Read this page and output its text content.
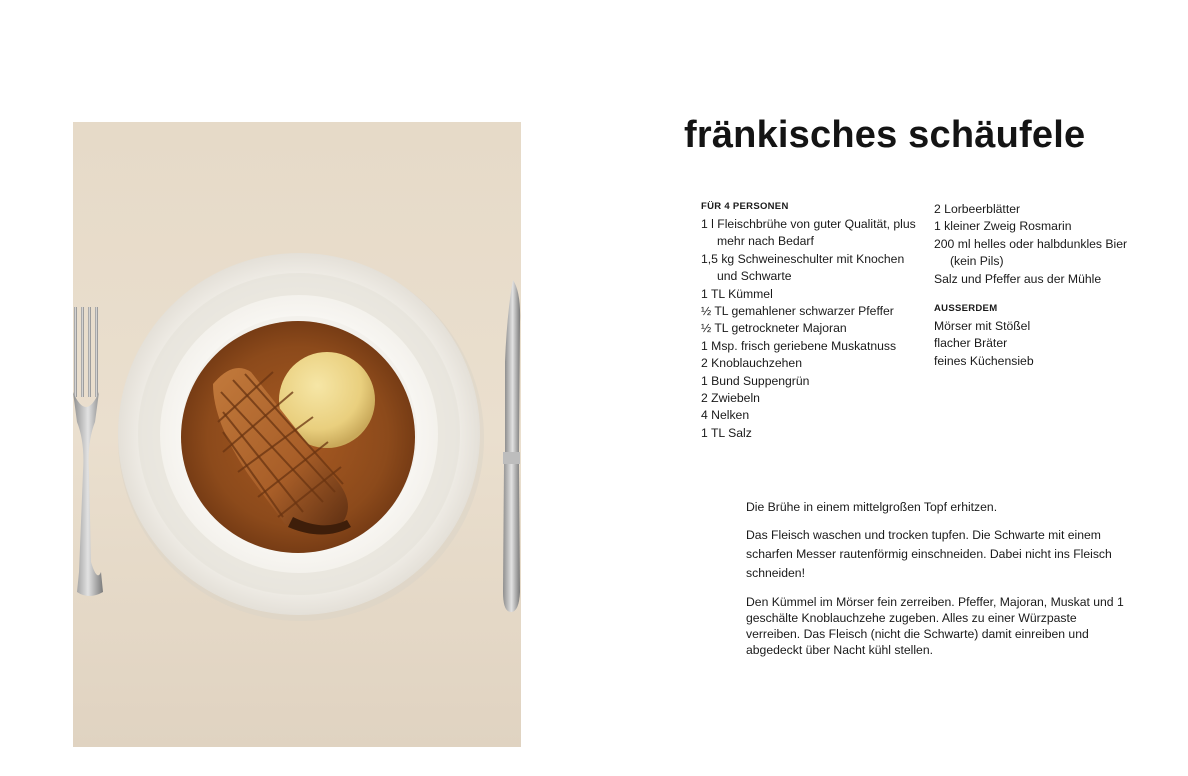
fränkisches schäufele
FÜR 4 PERSONEN
1 l Fleischbrühe von guter Qualität, plus mehr nach Bedarf
1,5 kg Schweineschulter mit Knochen und Schwarte
1 TL Kümmel
½ TL gemahlener schwarzer Pfeffer
½ TL getrockneter Majoran
1 Msp. frisch geriebene Muskatnuss
2 Knoblauchzehen
1 Bund Suppengrün
2 Zwiebeln
4 Nelken
1 TL Salz
2 Lorbeerblätter
1 kleiner Zweig Rosmarin
200 ml helles oder halbdunkles Bier (kein Pils)
Salz und Pfeffer aus der Mühle
AUSSERDEM
Mörser mit Stößel
flacher Bräter
feines Küchensieb

Die Brühe in einem mittelgroßen Topf erhitzen.

Das Fleisch waschen und trocken tupfen. Die Schwarte mit einem scharfen Messer rautenförmig einschneiden. Dabei nicht ins Fleisch schneiden!

Den Kümmel im Mörser fein zerreiben. Pfeffer, Majoran, Muskat und 1 geschälte Knoblauchzehe zugeben. Alles zu einer Würzpaste verreiben. Das Fleisch (nicht die Schwarte) damit einreiben und abgedeckt über Nacht kühl stellen.
